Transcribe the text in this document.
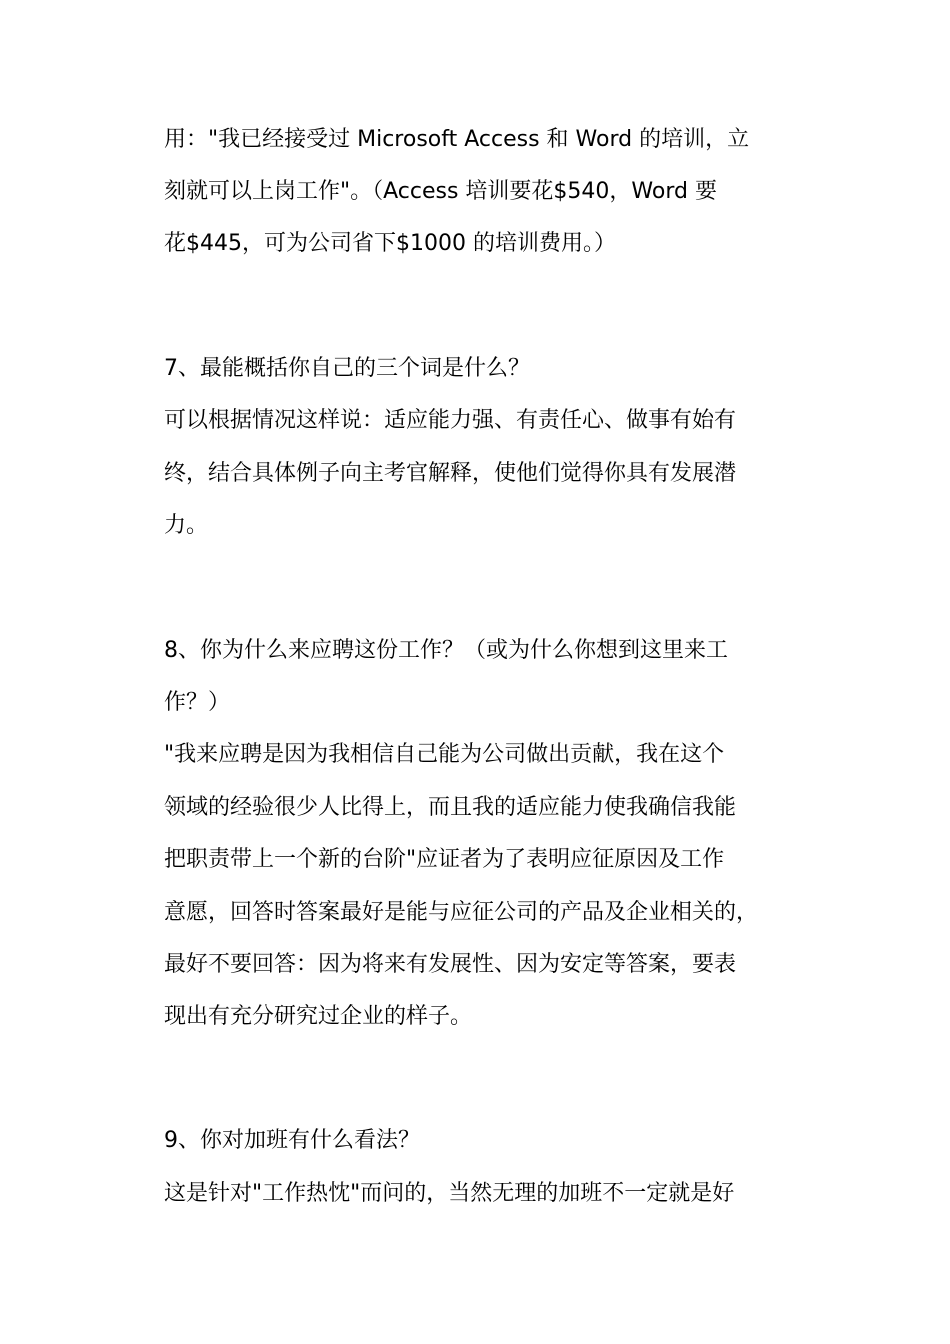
用："我已经接受过 Microsoft Access 和 Word 的培训，立
刻就可以上岗工作"。（Access 培训要花$540，Word 要
花$445，可为公司省下$1000 的培训费用。）
7、最能概括你自己的三个词是什么？
可以根据情况这样说：适应能力强、有责任心、做事有始有
终，结合具体例子向主考官解释，使他们觉得你具有发展潜
力。
8、你为什么来应聘这份工作？（或为什么你想到这里来工
作？）
"我来应聘是因为我相信自己能为公司做出贡献，我在这个
领域的经验很少人比得上，而且我的适应能力使我确信我能
把职责带上一个新的台阶"应证者为了表明应征原因及工作
意愿，回答时答案最好是能与应征公司的产品及企业相关的，
最好不要回答：因为将来有发展性、因为安定等答案，要表
现出有充分研究过企业的样子。
9、你对加班有什么看法？
这是针对"工作热忱"而问的，当然无理的加班不一定就是好
